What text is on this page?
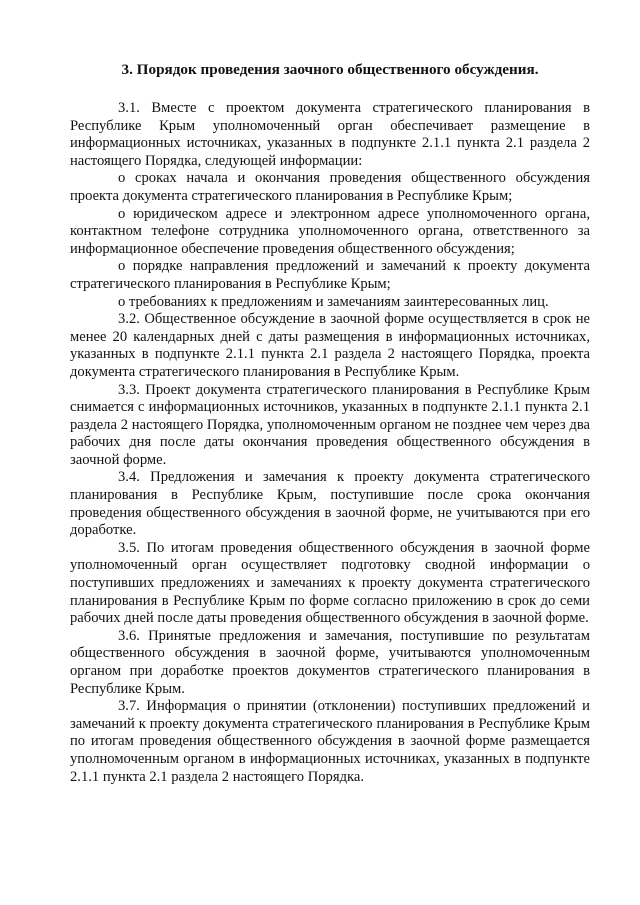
3. Порядок проведения заочного общественного обсуждения.

3.1. Вместе с проектом документа стратегического планирования в Республике Крым уполномоченный орган обеспечивает размещение в информационных источниках, указанных в подпункте 2.1.1 пункта 2.1 раздела 2 настоящего Порядка, следующей информации:

о сроках начала и окончания проведения общественного обсуждения проекта документа стратегического планирования в Республике Крым;

о юридическом адресе и электронном адресе уполномоченного органа, контактном телефоне сотрудника уполномоченного органа, ответственного за информационное обеспечение проведения общественного обсуждения;

о порядке направления предложений и замечаний к проекту документа стратегического планирования в Республике Крым;

о требованиях к предложениям и замечаниям заинтересованных лиц.

3.2. Общественное обсуждение в заочной форме осуществляется в срок не менее 20 календарных дней с даты размещения в информационных источниках, указанных в подпункте 2.1.1 пункта 2.1 раздела 2 настоящего Порядка, проекта документа стратегического планирования в Республике Крым.

3.3. Проект документа стратегического планирования в Республике Крым снимается с информационных источников, указанных в подпункте 2.1.1 пункта 2.1 раздела 2 настоящего Порядка, уполномоченным органом не позднее чем через два рабочих дня после даты окончания проведения общественного обсуждения в заочной форме.

3.4. Предложения и замечания к проекту документа стратегического планирования в Республике Крым, поступившие после срока окончания проведения общественного обсуждения в заочной форме, не учитываются при его доработке.

3.5. По итогам проведения общественного обсуждения в заочной форме уполномоченный орган осуществляет подготовку сводной информации о поступивших предложениях и замечаниях к проекту документа стратегического планирования в Республике Крым по форме согласно приложению в срок до семи рабочих дней после даты проведения общественного обсуждения в заочной форме.

3.6. Принятые предложения и замечания, поступившие по результатам общественного обсуждения в заочной форме, учитываются уполномоченным органом при доработке проектов документов стратегического планирования в Республике Крым.

3.7. Информация о принятии (отклонении) поступивших предложений и замечаний к проекту документа стратегического планирования в Республике Крым по итогам проведения общественного обсуждения в заочной форме размещается уполномоченным органом в информационных источниках, указанных в подпункте 2.1.1 пункта 2.1 раздела 2 настоящего Порядка.
